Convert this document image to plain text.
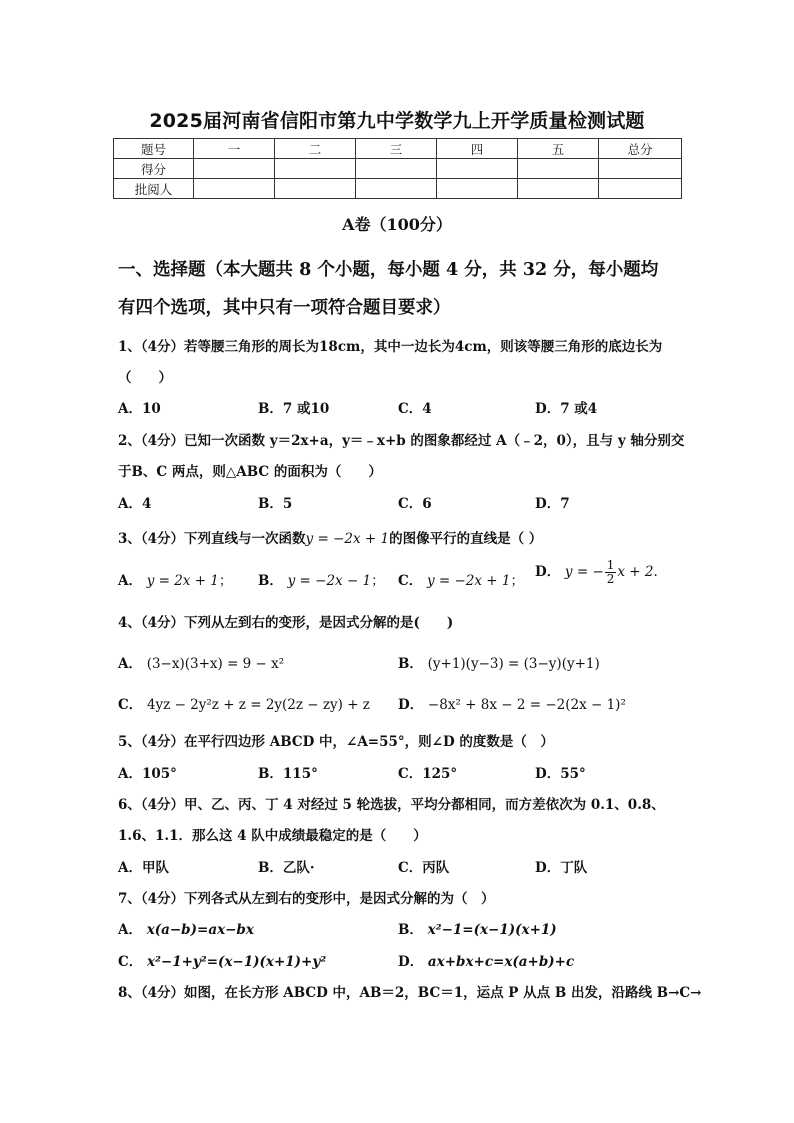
2025届河南省信阳市第九中学数学九上开学质量检测试题
题号	一	二	三	四	五	总分
得分						
批阅人						
A卷（100分）
一、选择题（本大题共 8 个小题，每小题 4 分，共 32 分，每小题均
有四个选项，其中只有一项符合题目要求）
1、（4分）若等腰三角形的周长为18cm，其中一边长为4cm，则该等腰三角形的底边长为
（　　）
A．10	B．7 或10	C．4	D．7 或4
2、（4分）已知一次函数 y＝2x+a，y＝﹣x+b 的图象都经过 A（﹣2，0），且与 y 轴分别交
于B、C 两点，则△ABC 的面积为（　　）
A．4	B．5	C．6	D．7
3、（4分）下列直线与一次函数y = −2x + 1的图像平行的直线是（ ）
A． y = 2x + 1； B． y = −2x − 1； C． y = −2x + 1；
D． y = − $\frac{1}{2}$ x + 2.
4、（4分）下列从左到右的变形，是因式分解的是(　　)
A． (3−x)(3+x) = 9 − x²	B． (y+1)(y−3) = (3−y)(y+1)
C． 4yz − 2y²z + z = 2y(2z − zy) + z D． −8x² + 8x − 2 = −2(2x − 1)²
5、（4分）在平行四边形 ABCD 中，∠A=55°，则∠D 的度数是（　）
A．105°	B．115°	C．125°	D．55°
6、（4分）甲、乙、丙、丁 4 对经过 5 轮选拔，平均分都相同，而方差依次为 0.1、0.8、
1.6、1.1．那么这 4 队中成绩最稳定的是（　　）
A．甲队	B．乙队·	C．丙队	D．丁队
7、（4分）下列各式从左到右的变形中，是因式分解的为（　）
A． x(a−b)=ax−bx	B． x²−1=(x−1)(x+1)
C． x²−1+y²=(x−1)(x+1)+y²	D． ax+bx+c=x(a+b)+c
8、（4分）如图，在长方形 ABCD 中，AB＝2，BC＝1，运点 P 从点 B 出发，沿路线 B→C→
